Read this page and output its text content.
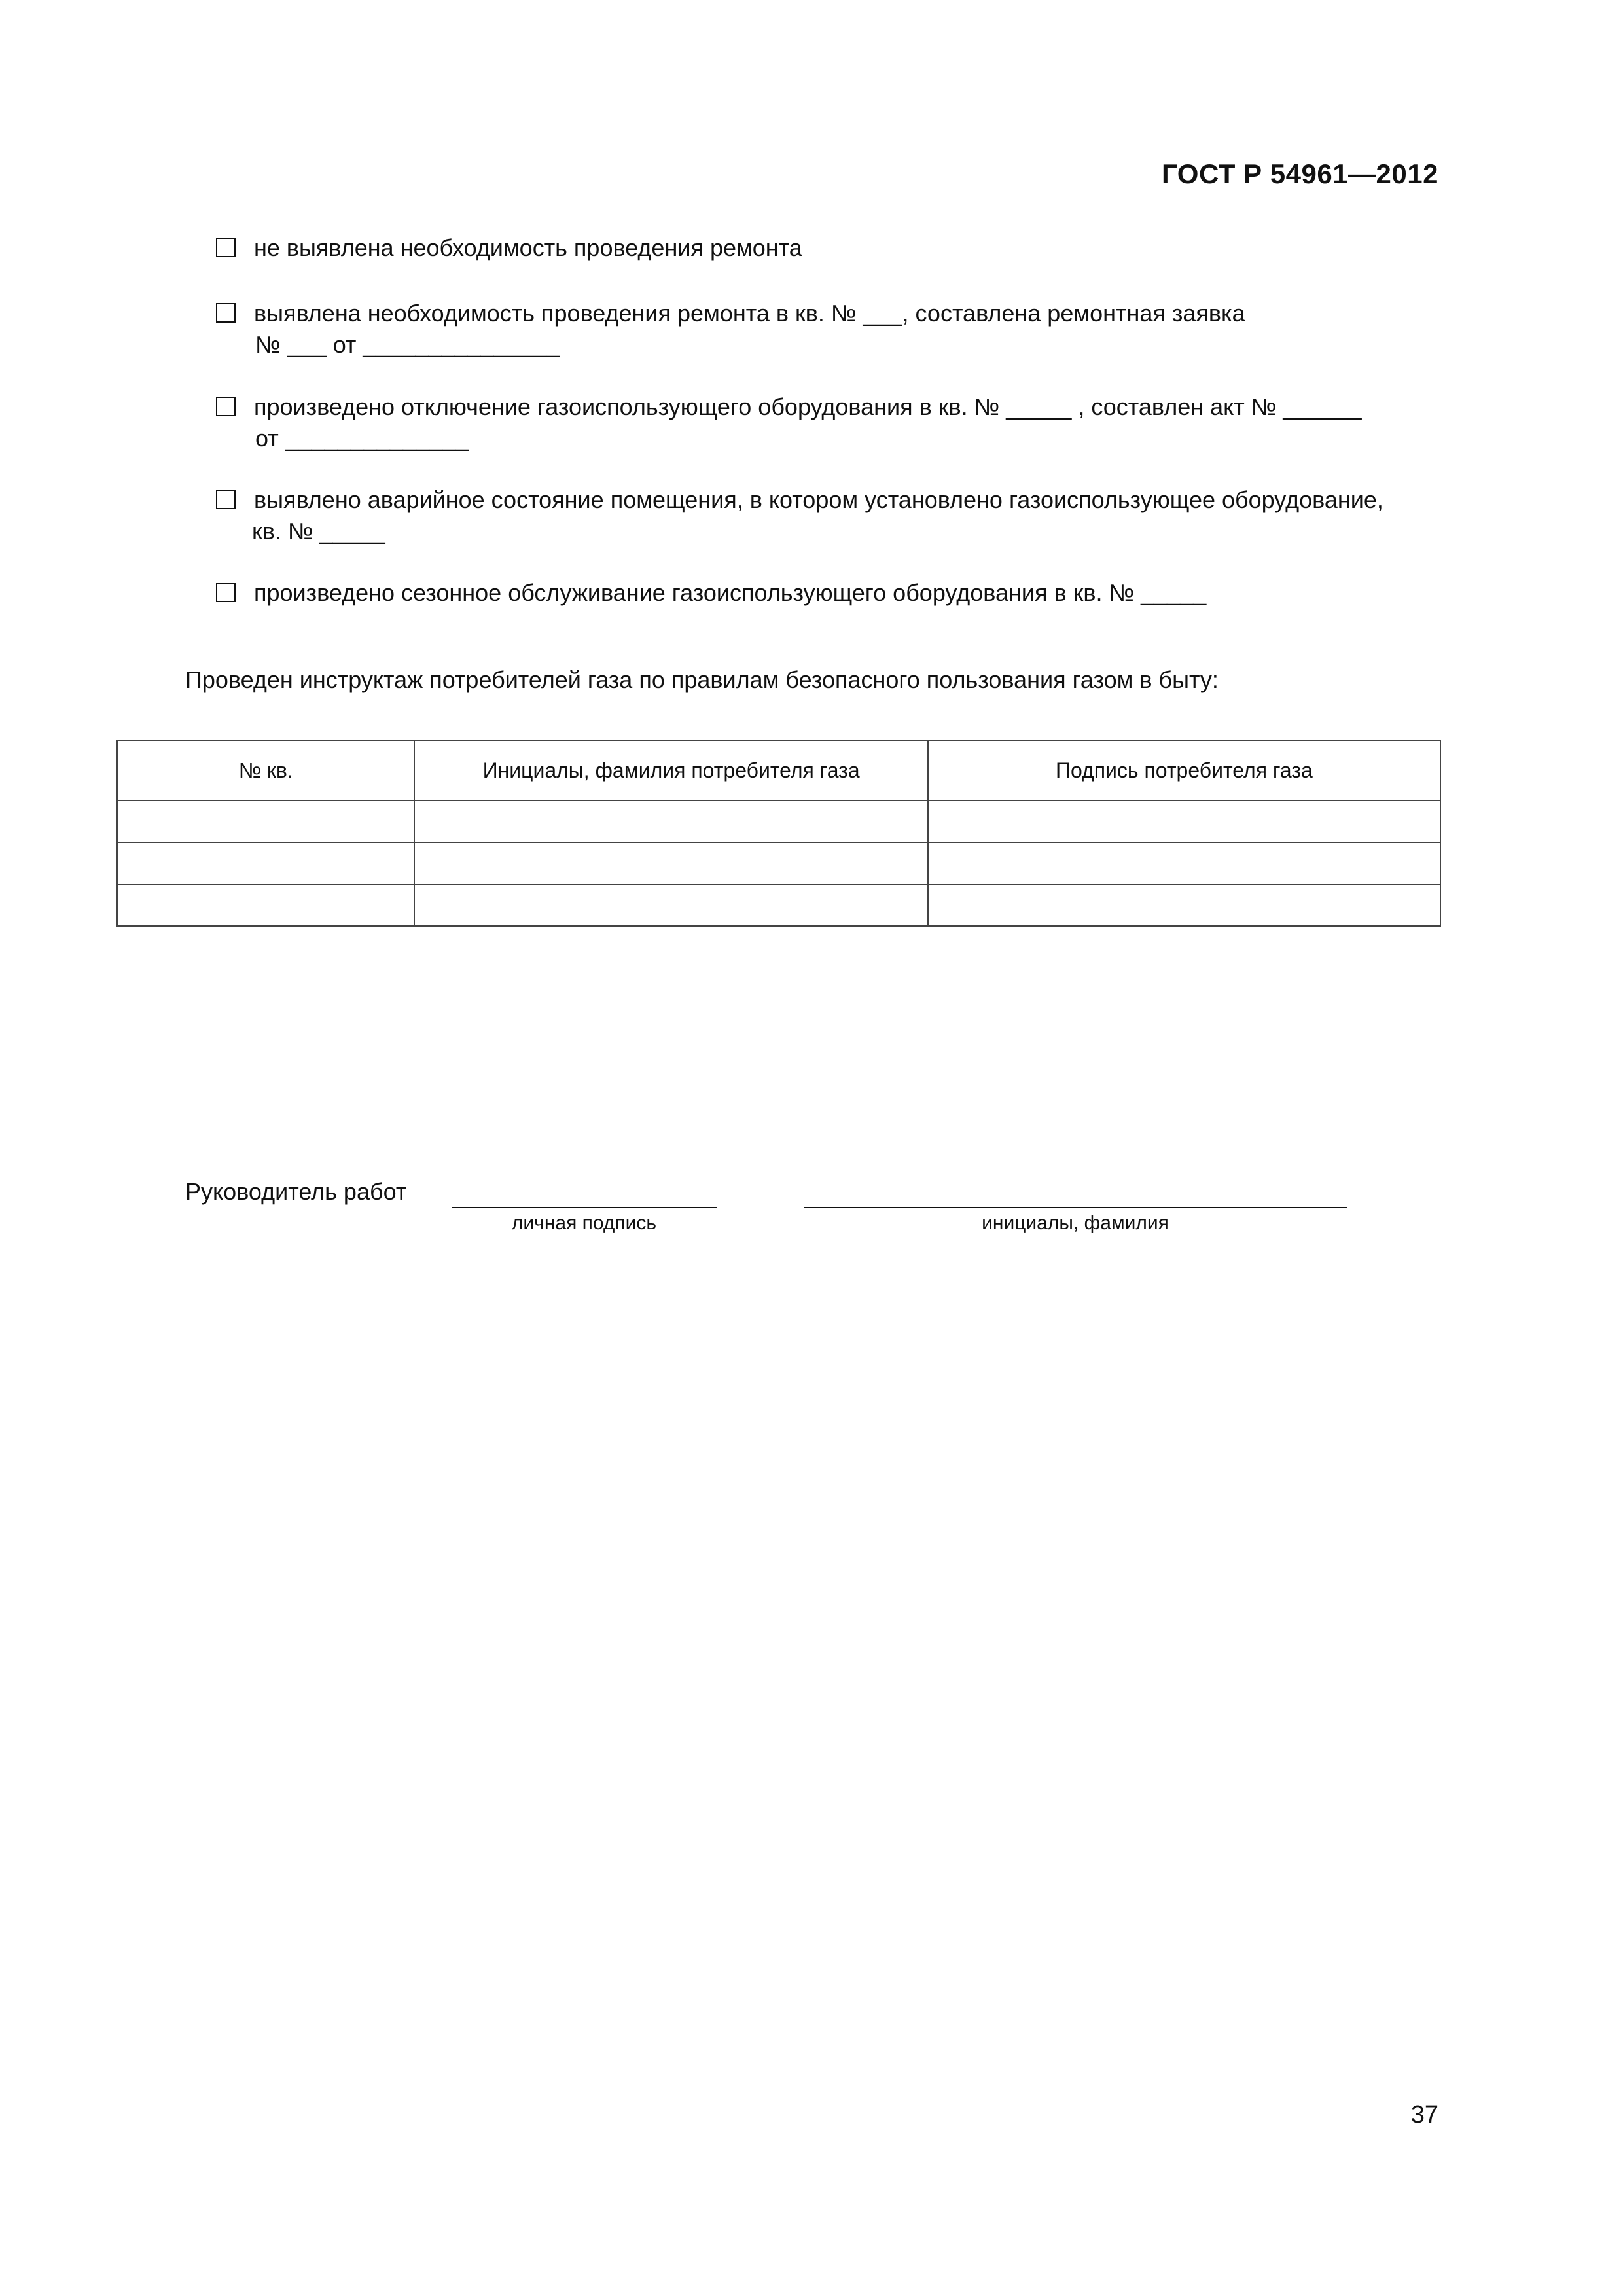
ГОСТ Р 54961—2012
не выявлена необходимость проведения ремонта
выявлена необходимость проведения ремонта в кв. № ___, составлена ремонтная заявка
№ ___ от _______________
произведено отключение газоиспользующего оборудования в кв. № _____ , составлен акт № ______
от ______________
выявлено аварийное состояние помещения, в котором установлено газоиспользующее оборудование,
кв. № _____
произведено сезонное обслуживание газоиспользующего оборудования в кв. № _____
Проведен инструктаж потребителей газа по правилам безопасного пользования газом в быту:
№ кв.	Инициалы, фамилия потребителя газа	Подпись потребителя газа

Руководитель работ
личная подпись	инициалы, фамилия
37
